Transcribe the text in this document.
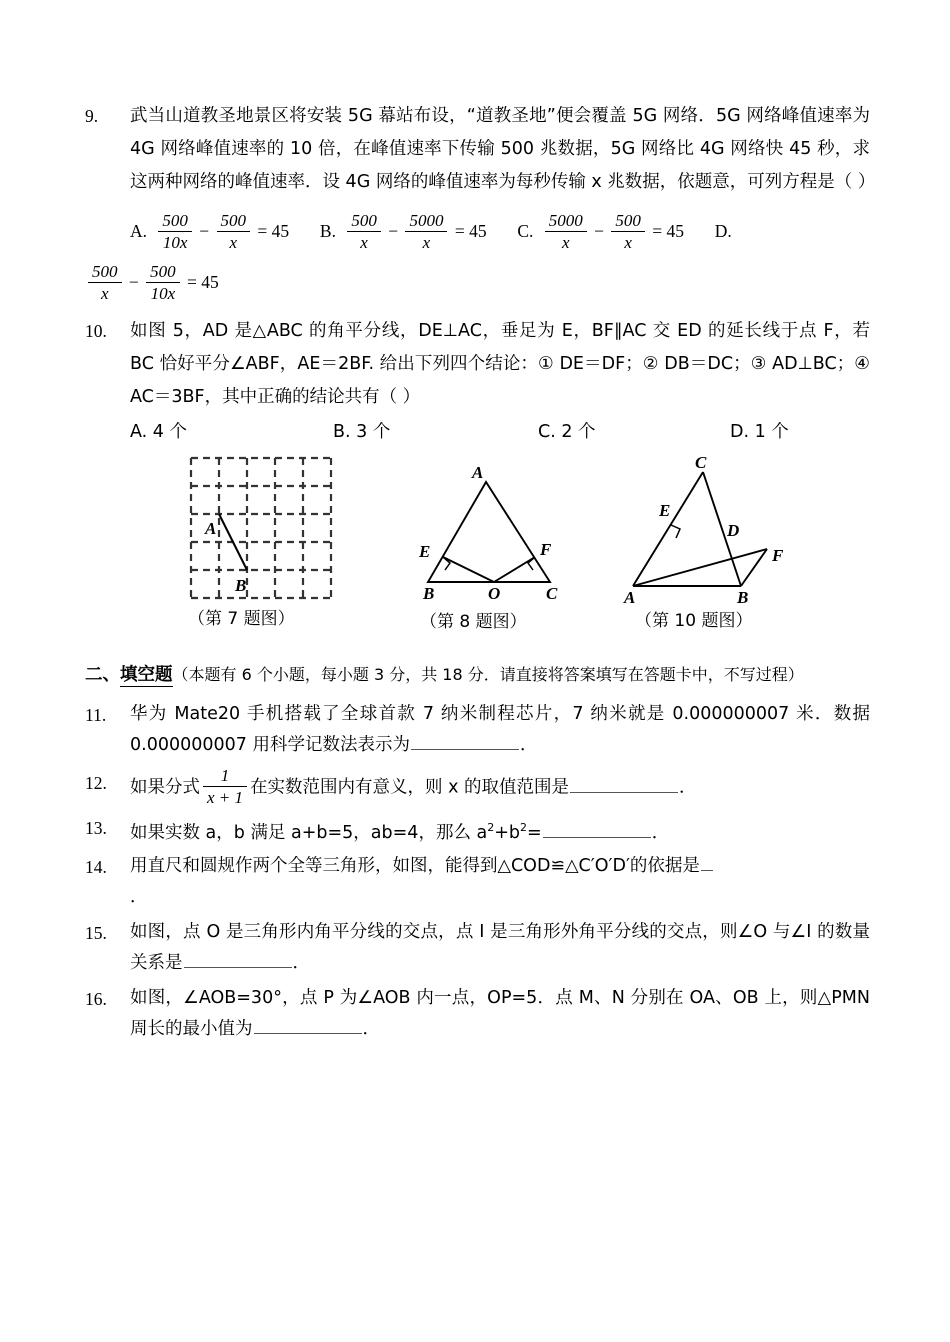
9.	武当山道教圣地景区将安装 5G 幕站布设，“道教圣地”便会覆盖 5G 网络．5G 网络峰值速率为 4G 网络峰值速率的 10 倍，在峰值速率下传输 500 兆数据，5G 网络比 4G 网络快 45 秒，求这两种网络的峰值速率．设 4G 网络的峰值速率为每秒传输 x 兆数据，依题意，可列方程是（ ）
A. $\frac{500}{10x} - \frac{500}{x} = 45$ B. $\frac{500}{x} - \frac{5000}{x} = 45$ C. $\frac{5000}{x} - \frac{500}{x} = 45$ D.
$\frac{500}{x} - \frac{500}{10x} = 45$
10.	如图 5，AD 是△ABC 的角平分线，DE⊥AC，垂足为 E，BF∥AC 交 ED 的延长线于点 F，若 BC 恰好平分∠ABF，AE＝2BF. 给出下列四个结论：① DE＝DF；② DB＝DC；③ AD⊥BC；④ AC＝3BF，其中正确的结论共有（ ）
A. 4 个	B. 3 个	C. 2 个	D. 1 个
A
B
（第 7 题图）
A
B	C
E	F
O
（第 8 题图）
C
E
D
F
A	B
（第 10 题图）
二、填空题（本题有 6 个小题，每小题 3 分，共 18 分．请直接将答案填写在答题卡中，不写过程）
11.	华为 Mate20 手机搭载了全球首款 7 纳米制程芯片，7 纳米就是 0.000000007 米．数据 0.000000007 用科学记数法表示为	．
12.	如果分式 $\frac{1}{x + 1}$ 在实数范围内有意义，则 x 的取值范围是	．
13.	如果实数 a，b 满足 a+b=5，ab=4，那么 $a^2+b^2=$	．
14.	用直尺和圆规作两个全等三角形，如图，能得到△COD≌△C′O′D′的依据是
．
15.	如图，点 O 是三角形内角平分线的交点，点 I 是三角形外角平分线的交点，则∠O 与∠I 的数量关系是	．
16.	如图，∠AOB=30°，点 P 为∠AOB 内一点，OP=5．点 M、N 分别在 OA、OB 上，则△PMN 周长的最小值为	．
